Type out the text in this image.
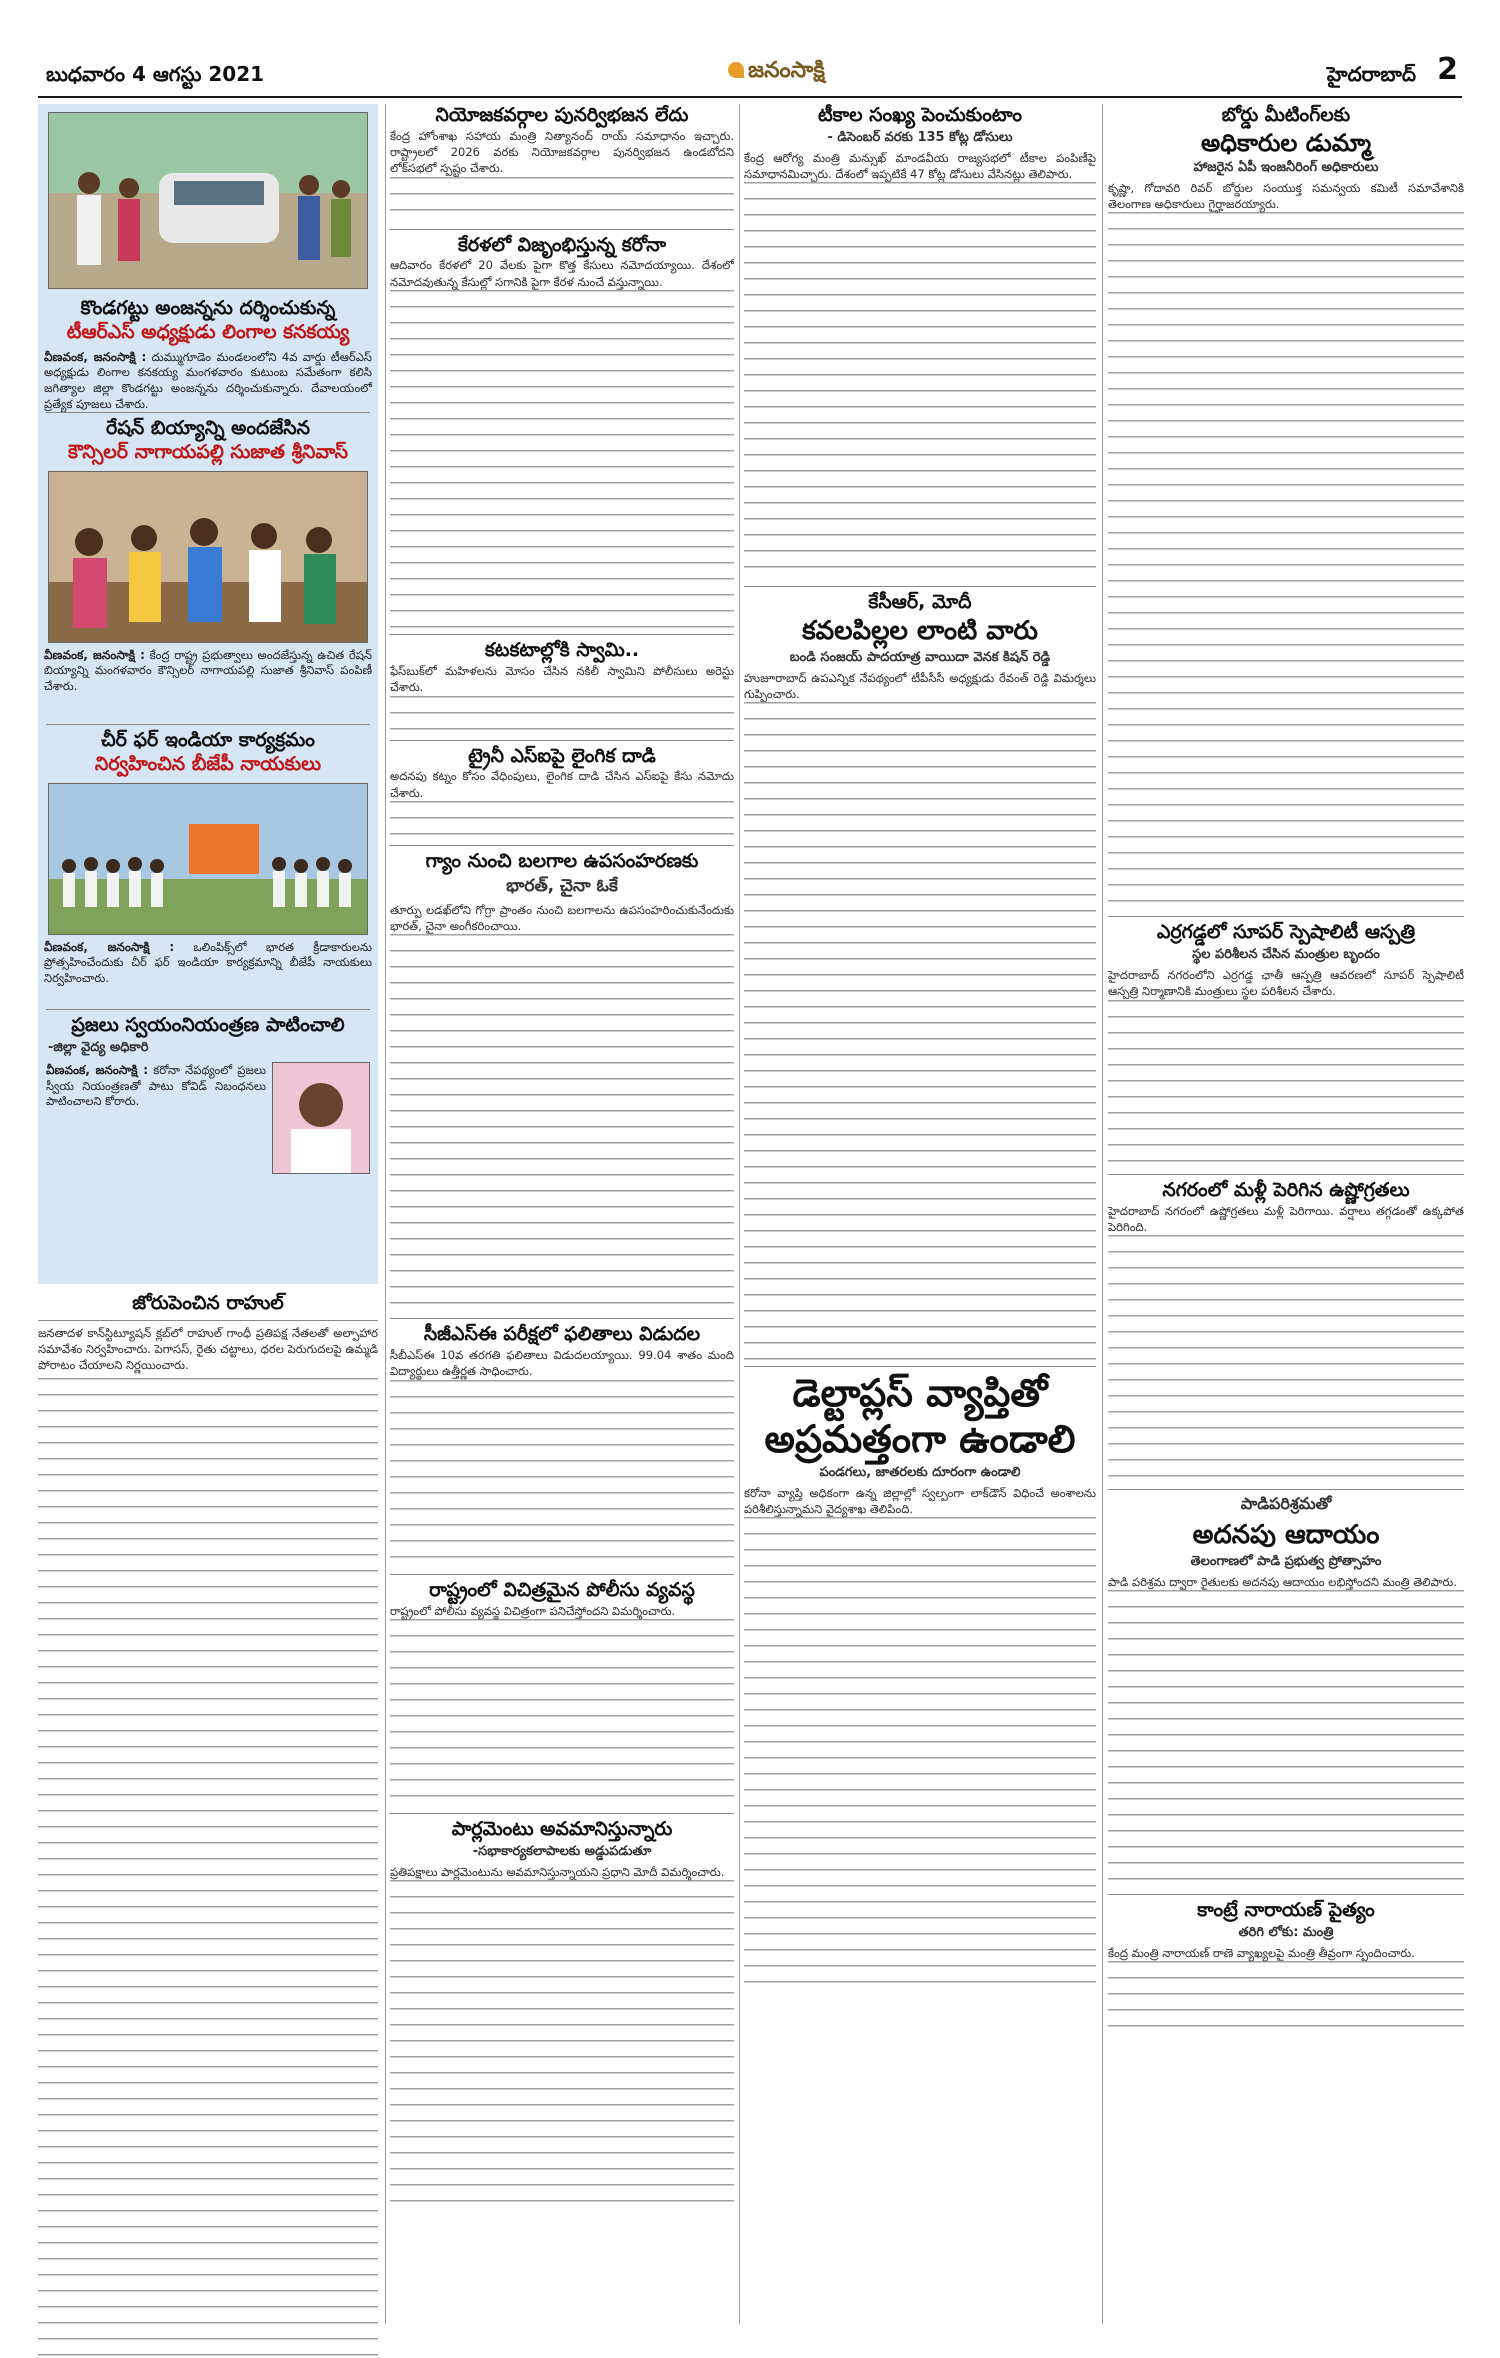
బుధవారం 4 ఆగస్టు 2021	జనంసాక్షి	హైదరాబాద్ 2
కొండగట్టు అంజన్నను దర్శించుకున్న
టీఆర్‌ఎస్ అధ్యక్షుడు లింగాల కనకయ్య
వీణవంక, జనంసాక్షి : దుమ్ముగూడెం మండలంలోని 4వ వార్డు టీఆర్‌ఎస్ అధ్యక్షుడు లింగాల కనకయ్య మంగళవారం కుటుంబ సమేతంగా కలిసి జగిత్యాల జిల్లా కొండగట్టు అంజన్నను దర్శించుకున్నారు. దేవాలయంలో ప్రత్యేక పూజలు చేశారు.
రేషన్ బియ్యాన్ని అందజేసిన
కౌన్సిలర్ నాగాయపల్లి సుజాత శ్రీనివాస్
వీణవంక, జనంసాక్షి : కేంద్ర రాష్ట్ర ప్రభుత్వాలు అందజేస్తున్న ఉచిత రేషన్ బియ్యాన్ని మంగళవారం కౌన్సిలర్ నాగాయపల్లి సుజాత శ్రీనివాస్ పంపిణీ చేశారు.
చీర్ ఫర్ ఇండియా కార్యక్రమం
నిర్వహించిన బీజేపీ నాయకులు
వీణవంక, జనంసాక్షి : ఒలింపిక్స్‌లో భారత క్రీడాకారులను ప్రోత్సహించేందుకు చీర్ ఫర్ ఇండియా కార్యక్రమాన్ని బీజేపీ నాయకులు నిర్వహించారు.
ప్రజలు స్వయంనియంత్రణ పాటించాలి
-జిల్లా వైద్య అధికారి
వీణవంక, జనంసాక్షి : కరోనా నేపథ్యంలో ప్రజలు స్వీయ నియంత్రణతో పాటు కోవిడ్ నిబంధనలు పాటించాలని కోరారు.
జోరుపెంచిన రాహుల్

జనతాదళ కాన్‌స్టిట్యూషన్ క్లబ్‌లో రాహుల్ గాంధీ ప్రతిపక్ష నేతలతో అల్పాహార సమావేశం నిర్వహించారు. పెగాసస్, రైతు చట్టాలు, ధరల పెరుగుదలపై ఉమ్మడి పోరాటం చేయాలని నిర్ణయించారు.

నియోజకవర్గాల పునర్విభజన లేదు

కేంద్ర హోంశాఖ సహాయ మంత్రి నిత్యానంద్ రాయ్ సమాధానం ఇచ్చారు. రాష్ట్రాలలో 2026 వరకు నియోజకవర్గాల పునర్విభజన ఉండబోదని లోక్‌సభలో స్పష్టం చేశారు.

కేరళలో విజృంభిస్తున్న కరోనా

ఆదివారం కేరళలో 20 వేలకు పైగా కొత్త కేసులు నమోదయ్యాయి. దేశంలో నమోదవుతున్న కేసుల్లో సగానికి పైగా కేరళ నుంచే వస్తున్నాయి.

కటకటాల్లోకి స్వామి..

ఫేస్‌బుక్‌లో మహిళలను మోసం చేసిన నకిలీ స్వామిని పోలీసులు అరెస్టు చేశారు.

ట్రైనీ ఎస్‌ఐపై లైంగిక దాడి

అదనపు కట్నం కోసం వేధింపులు, లైంగిక దాడి చేసిన ఎస్‌ఐపై కేసు నమోదు చేశారు.

గ్యాం నుంచి బలగాల ఉపసంహరణకు
భారత్, చైనా ఓకే

తూర్పు లడఖ్‌లోని గోగ్రా ప్రాంతం నుంచి బలగాలను ఉపసంహరించుకునేందుకు భారత్, చైనా అంగీకరించాయి.

సీజీఎస్‌ఈ పరీక్షలో ఫలితాలు విడుదల

సీబీఎస్‌ఈ 10వ తరగతి ఫలితాలు విడుదలయ్యాయి. 99.04 శాతం మంది విద్యార్థులు ఉత్తీర్ణత సాధించారు.

రాష్ట్రంలో విచిత్రమైన పోలీసు వ్యవస్థ

రాష్ట్రంలో పోలీసు వ్యవస్థ విచిత్రంగా పనిచేస్తోందని విమర్శించారు.

పార్లమెంటు అవమానిస్తున్నారు
-సభాకార్యకలాపాలకు అడ్డుపడుతూ

ప్రతిపక్షాలు పార్లమెంటును అవమానిస్తున్నాయని ప్రధాని మోదీ విమర్శించారు.

టీకాల సంఖ్య పెంచుకుంటాం
- డిసెంబర్ వరకు 135 కోట్ల డోసులు

కేంద్ర ఆరోగ్య మంత్రి మన్సుఖ్ మాండవీయ రాజ్యసభలో టీకాల పంపిణీపై సమాధానమిచ్చారు. దేశంలో ఇప్పటికే 47 కోట్ల డోసులు వేసినట్లు తెలిపారు.

కేసీఆర్, మోదీ
కవలపిల్లల లాంటి వారు
బండి సంజయ్ పాదయాత్ర వాయిదా వెనక కిషన్ రెడ్డి

హుజూరాబాద్ ఉపఎన్నిక నేపథ్యంలో టీపీసీసీ అధ్యక్షుడు రేవంత్ రెడ్డి విమర్శలు గుప్పించారు.

డెల్టాప్లస్ వ్యాప్తితో
అప్రమత్తంగా ఉండాలి
పండగలు, జాతరలకు దూరంగా ఉండాలి

కరోనా వ్యాప్తి అధికంగా ఉన్న జిల్లాల్లో స్వల్పంగా లాక్‌డౌన్ విధించే అంశాలను పరిశీలిస్తున్నామని వైద్యశాఖ తెలిపింది.

బోర్డు మీటింగ్‌లకు
అధికారుల డుమ్మా
హాజరైన ఏపీ ఇంజనీరింగ్ అధికారులు

కృష్ణా, గోదావరి రివర్ బోర్డుల సంయుక్త సమన్వయ కమిటీ సమావేశానికి తెలంగాణ అధికారులు గైర్హాజరయ్యారు.

ఎర్రగడ్డలో సూపర్ స్పెషాలిటీ ఆస్పత్రి
స్థల పరిశీలన చేసిన మంత్రుల బృందం

హైదరాబాద్ నగరంలోని ఎర్రగడ్డ ఛాతీ ఆస్పత్రి ఆవరణలో సూపర్ స్పెషాలిటీ ఆస్పత్రి నిర్మాణానికి మంత్రులు స్థల పరిశీలన చేశారు.

నగరంలో మళ్లీ పెరిగిన ఉష్ణోగ్రతలు

హైదరాబాద్ నగరంలో ఉష్ణోగ్రతలు మళ్లీ పెరిగాయి. వర్షాలు తగ్గడంతో ఉక్కపోత పెరిగింది.

పాడిపరిశ్రమతో
అదనపు ఆదాయం
తెలంగాణలో పాడి ప్రభుత్వ ప్రోత్సాహం

పాడి పరిశ్రమ ద్వారా రైతులకు అదనపు ఆదాయం లభిస్తోందని మంత్రి తెలిపారు.

కాంట్రే నారాయణ్ పైత్యం
తరిగి లోకు: మంత్రి

కేంద్ర మంత్రి నారాయణ్ రాణె వ్యాఖ్యలపై మంత్రి తీవ్రంగా స్పందించారు.
